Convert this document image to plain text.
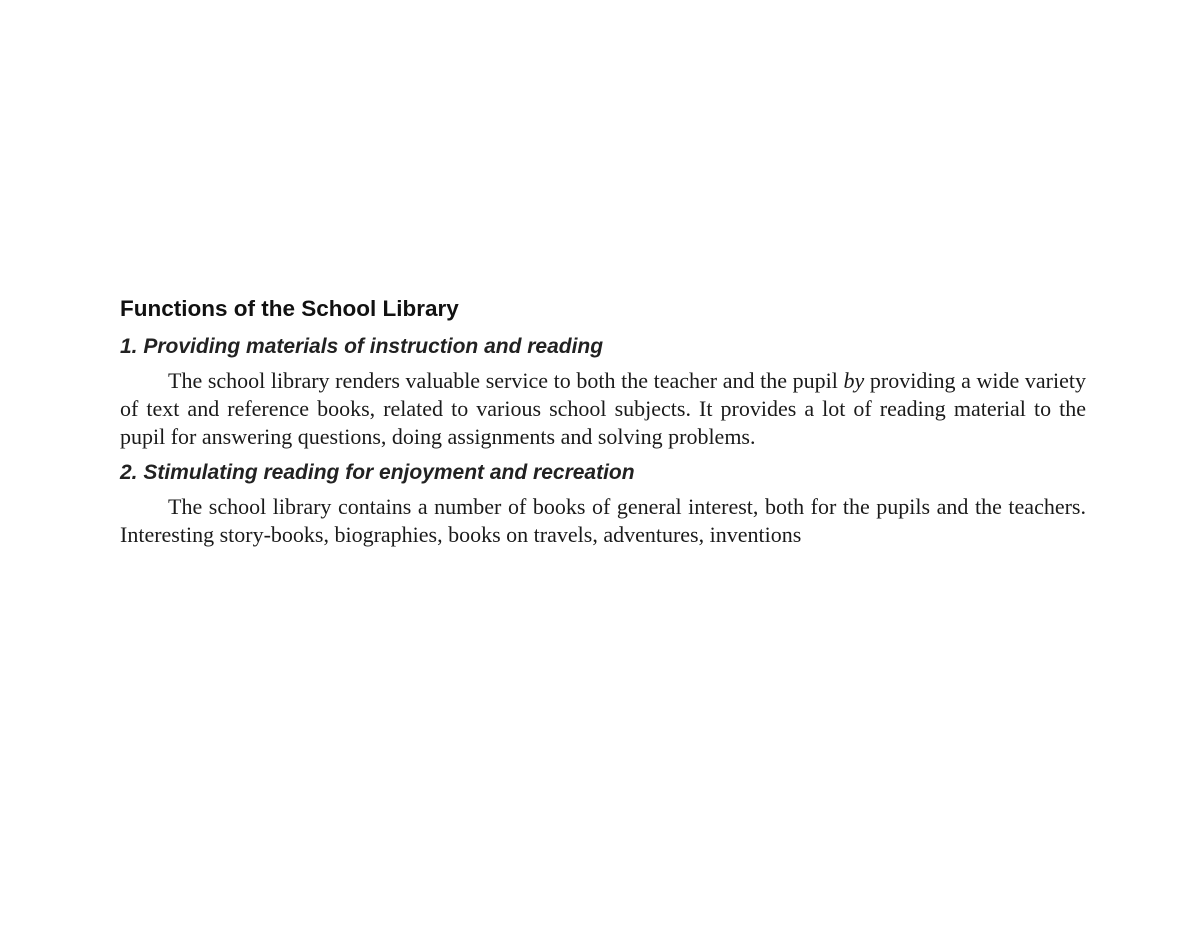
Functions of the School Library
1. Providing materials of instruction and reading

The school library renders valuable service to both the teacher and the pupil by providing a wide variety of text and reference books, related to various school subjects. It provides a lot of reading material to the pupil for answering questions, doing assignments and solving problems.

2. Stimulating reading for enjoyment and recreation

The school library contains a number of books of general interest, both for the pupils and the teachers. Interesting story-books, biographies, books on travels, adventures, inventions
